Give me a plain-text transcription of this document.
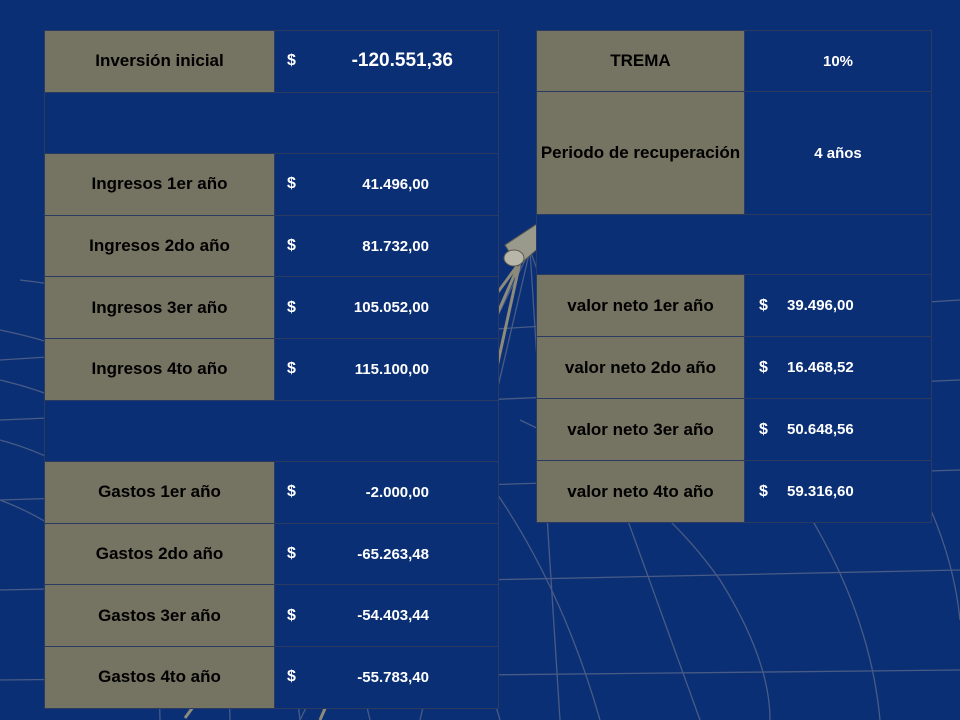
Inversión inicial	$ -120.551,36

Ingresos 1er año	$ 41.496,00

Ingresos 2do año	$ 81.732,00

Ingresos 3er año	$ 105.052,00

Ingresos 4to año	$ 115.100,00

Gastos 1er año	$ -2.000,00

Gastos 2do año	$ -65.263,48

Gastos 3er año	$ -54.403,44

Gastos 4to año	$ -55.783,40
TREMA	10%
Periodo de recuperación	4 años

valor neto 1er año	$ 39.496,00

valor neto 2do año	$ 16.468,52

valor neto 3er año	$ 50.648,56

valor neto 4to año	$ 59.316,60
